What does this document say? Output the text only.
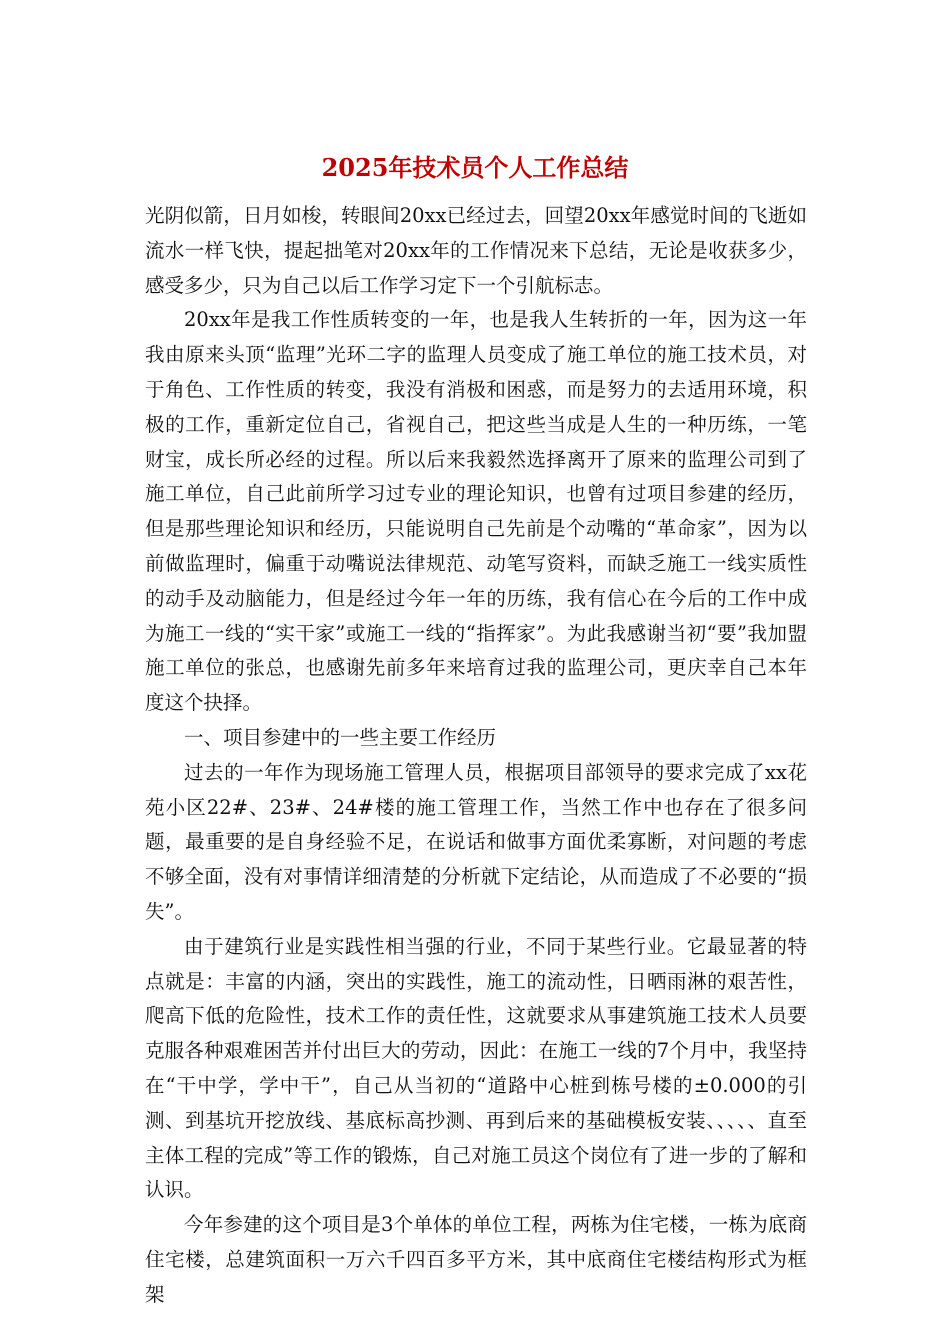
2025年技术员个人工作总结

光阴似箭，日月如梭，转眼间20xx已经过去，回望20xx年感觉时间的飞逝如流水一样飞快，提起拙笔对20xx年的工作情况来下总结，无论是收获多少，感受多少，只为自己以后工作学习定下一个引航标志。

20xx年是我工作性质转变的一年，也是我人生转折的一年，因为这一年我由原来头顶“监理”光环二字的监理人员变成了施工单位的施工技术员，对于角色、工作性质的转变，我没有消极和困惑，而是努力的去适用环境，积极的工作，重新定位自己，省视自己，把这些当成是人生的一种历练，一笔财宝，成长所必经的过程。所以后来我毅然选择离开了原来的监理公司到了施工单位，自己此前所学习过专业的理论知识，也曾有过项目参建的经历，但是那些理论知识和经历，只能说明自己先前是个动嘴的“革命家”，因为以前做监理时，偏重于动嘴说法律规范、动笔写资料，而缺乏施工一线实质性的动手及动脑能力，但是经过今年一年的历练，我有信心在今后的工作中成为施工一线的“实干家”或施工一线的“指挥家”。为此我感谢当初“要”我加盟施工单位的张总，也感谢先前多年来培育过我的监理公司，更庆幸自己本年度这个抉择。

一、项目参建中的一些主要工作经历

过去的一年作为现场施工管理人员，根据项目部领导的要求完成了xx花苑小区22#、23#、24#楼的施工管理工作，当然工作中也存在了很多问题，最重要的是自身经验不足，在说话和做事方面优柔寡断，对问题的考虑不够全面，没有对事情详细清楚的分析就下定结论，从而造成了不必要的“损失”。

由于建筑行业是实践性相当强的行业，不同于某些行业。它最显著的特点就是：丰富的内涵，突出的实践性，施工的流动性，日晒雨淋的艰苦性，爬高下低的危险性，技术工作的责任性，这就要求从事建筑施工技术人员要克服各种艰难困苦并付出巨大的劳动，因此：在施工一线的7个月中，我坚持在“干中学，学中干”，自己从当初的“道路中心桩到栋号楼的±0.000的引测、到基坑开挖放线、基底标高抄测、再到后来的基础模板安装、、、、、直至主体工程的完成”等工作的锻炼，自己对施工员这个岗位有了进一步的了解和认识。

今年参建的这个项目是3个单体的单位工程，两栋为住宅楼，一栋为底商住宅楼，总建筑面积一万六千四百多平方米，其中底商住宅楼结构形式为框架
